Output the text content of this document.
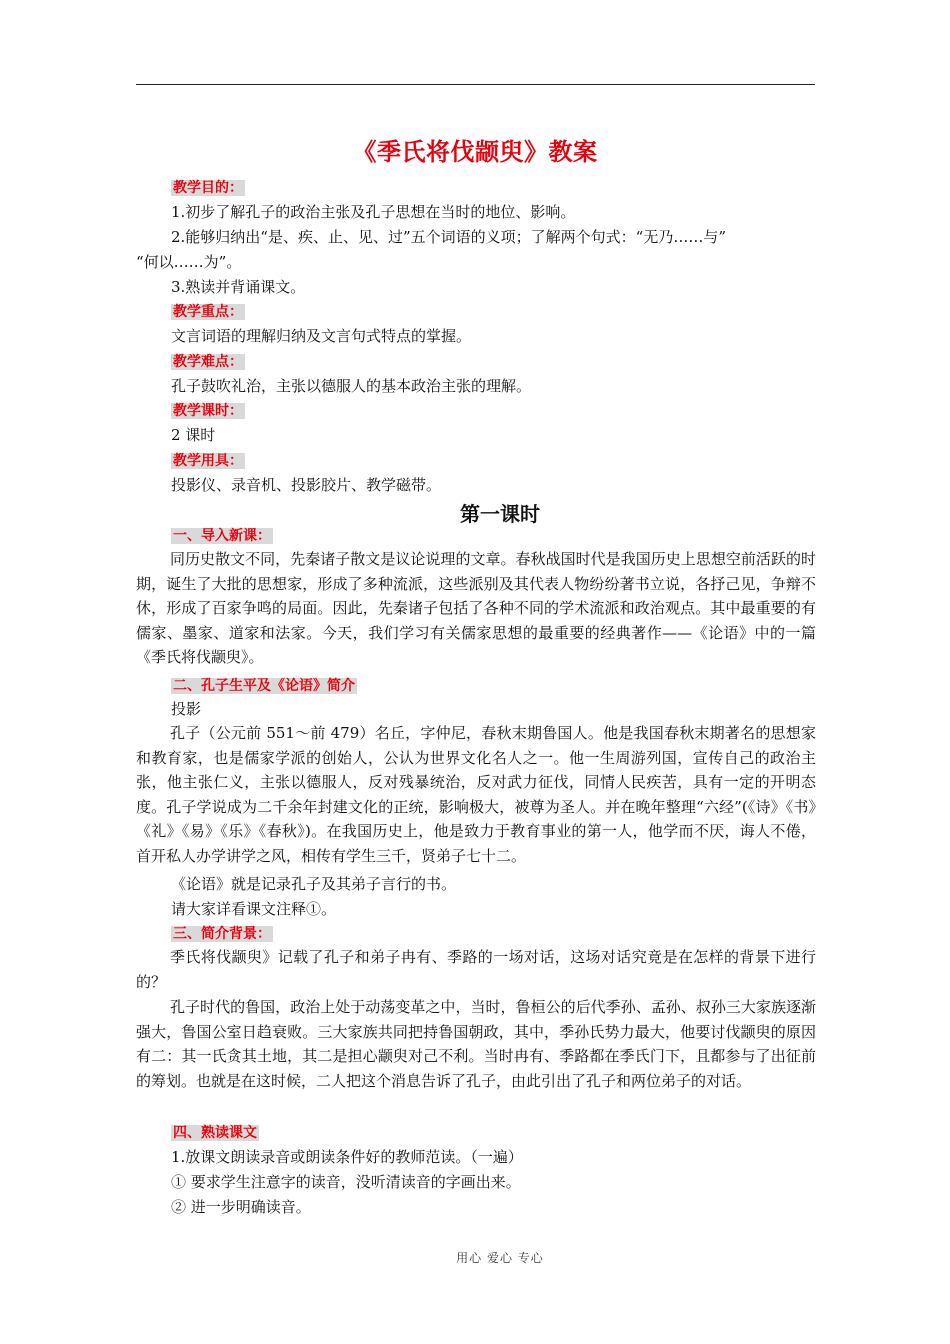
《季氏将伐颛臾》教案
教学目的：
1.初步了解孔子的政治主张及孔子思想在当时的地位、影响。
2.能够归纳出“是、疾、止、见、过”五个词语的义项；了解两个句式：“无乃……与”
“何以……为”。
3.熟读并背诵课文。
教学重点：
文言词语的理解归纳及文言句式特点的掌握。
教学难点：
孔子鼓吹礼治，主张以德服人的基本政治主张的理解。
教学课时：
2 课时
教学用具：
投影仪、录音机、投影胶片、教学磁带。
第一课时
一、导入新课：
同历史散文不同，先秦诸子散文是议论说理的文章。春秋战国时代是我国历史上思想空前活跃的时期，诞生了大批的思想家，形成了多种流派，这些派别及其代表人物纷纷著书立说，各抒己见，争辩不休，形成了百家争鸣的局面。因此，先秦诸子包括了各种不同的学术流派和政治观点。其中最重要的有儒家、墨家、道家和法家。今天，我们学习有关儒家思想的最重要的经典著作——《论语》中的一篇《季氏将伐颛臾》。
二、孔子生平及《论语》简介
投影
孔子（公元前 551～前 479）名丘，字仲尼，春秋末期鲁国人。他是我国春秋末期著名的思想家和教育家，也是儒家学派的创始人，公认为世界文化名人之一。他一生周游列国，宣传自己的政治主张，他主张仁义，主张以德服人，反对残暴统治，反对武力征伐，同情人民疾苦，具有一定的开明态度。孔子学说成为二千余年封建文化的正统，影响极大，被尊为圣人。并在晚年整理“六经”(《诗》《书》《礼》《易》《乐》《春秋》)。在我国历史上，他是致力于教育事业的第一人，他学而不厌，诲人不倦，首开私人办学讲学之风，相传有学生三千，贤弟子七十二。
《论语》就是记录孔子及其弟子言行的书。
请大家详看课文注释①。
三、简介背景：
季氏将伐颛臾》记载了孔子和弟子冉有、季路的一场对话，这场对话究竟是在怎样的背景下进行的？
孔子时代的鲁国，政治上处于动荡变革之中，当时，鲁桓公的后代季孙、孟孙、叔孙三大家族逐渐强大，鲁国公室日趋衰败。三大家族共同把持鲁国朝政，其中，季孙氏势力最大，他要讨伐颛臾的原因有二：其一氏贪其土地，其二是担心颛臾对己不利。当时冉有、季路都在季氏门下，且都参与了出征前的筹划。也就是在这时候，二人把这个消息告诉了孔子，由此引出了孔子和两位弟子的对话。
四、熟读课文
1.放课文朗读录音或朗读条件好的教师范读。（一遍）
① 要求学生注意字的读音，没听清读音的字画出来。
② 进一步明确读音。
用心 爱心 专心
